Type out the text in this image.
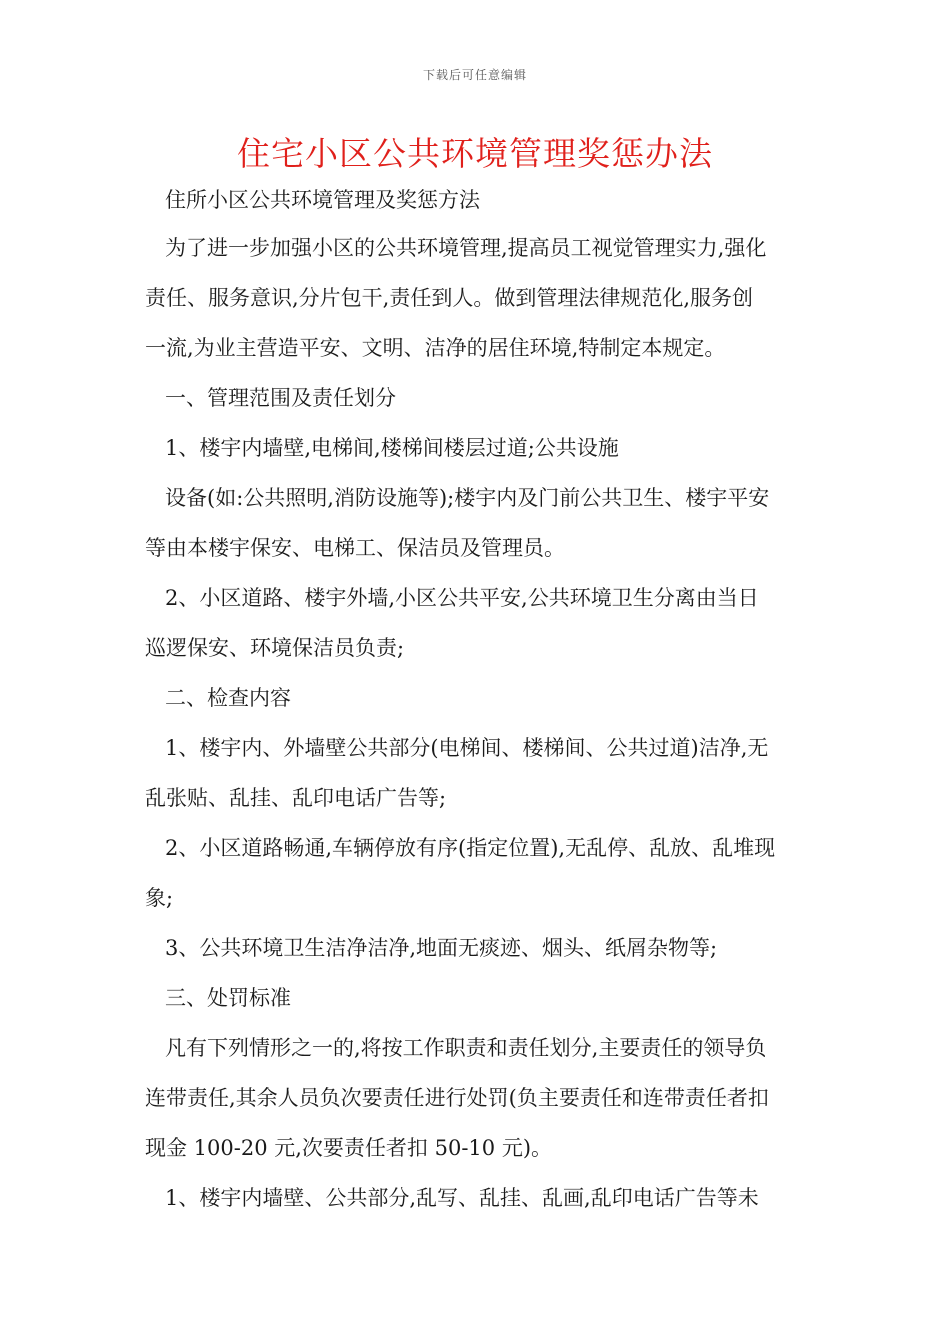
下载后可任意编辑
住宅小区公共环境管理奖惩办法
住所小区公共环境管理及奖惩方法
为了进一步加强小区的公共环境管理,提高员工视觉管理实力,强化
责任、服务意识,分片包干,责任到人。做到管理法律规范化,服务创
一流,为业主营造平安、文明、洁净的居住环境,特制定本规定。
一、管理范围及责任划分
1、楼宇内墙壁,电梯间,楼梯间楼层过道;公共设施
设备(如:公共照明,消防设施等);楼宇内及门前公共卫生、楼宇平安
等由本楼宇保安、电梯工、保洁员及管理员。
2、小区道路、楼宇外墙,小区公共平安,公共环境卫生分离由当日
巡逻保安、环境保洁员负责;
二、检查内容
1、楼宇内、外墙壁公共部分(电梯间、楼梯间、公共过道)洁净,无
乱张贴、乱挂、乱印电话广告等;
2、小区道路畅通,车辆停放有序(指定位置),无乱停、乱放、乱堆现
象;
3、公共环境卫生洁净洁净,地面无痰迹、烟头、纸屑杂物等;
三、处罚标准
凡有下列情形之一的,将按工作职责和责任划分,主要责任的领导负
连带责任,其余人员负次要责任进行处罚(负主要责任和连带责任者扣
现金 100-20 元,次要责任者扣 50-10 元)。
1、楼宇内墙壁、公共部分,乱写、乱挂、乱画,乱印电话广告等未
